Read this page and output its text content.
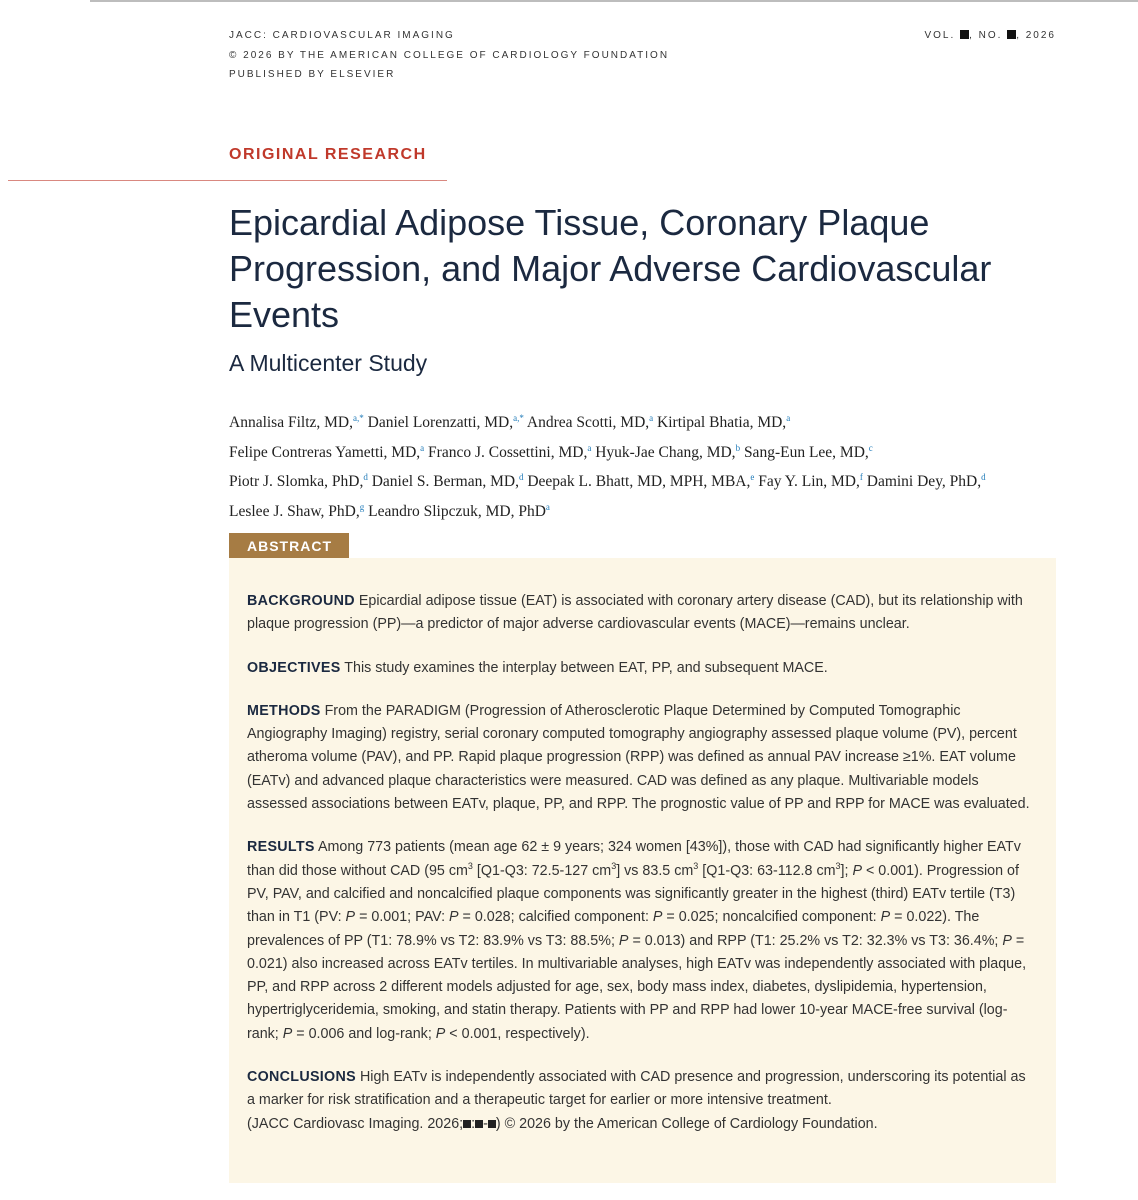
JACC: CARDIOVASCULAR IMAGING
© 2026 BY THE AMERICAN COLLEGE OF CARDIOLOGY FOUNDATION
PUBLISHED BY ELSEVIER
VOL. , NO. , 2026
ORIGINAL RESEARCH
Epicardial Adipose Tissue, Coronary Plaque Progression, and Major Adverse Cardiovascular Events
A Multicenter Study
Annalisa Filtz, MD,$^{a,*}$ Daniel Lorenzatti, MD,$^{a,*}$ Andrea Scotti, MD,$^a$ Kirtipal Bhatia, MD,$^a$
Felipe Contreras Yametti, MD,$^a$ Franco J. Cossettini, MD,$^a$ Hyuk-Jae Chang, MD,$^b$ Sang-Eun Lee, MD,$^c$
Piotr J. Slomka, PhD,$^d$ Daniel S. Berman, MD,$^d$ Deepak L. Bhatt, MD, MPH, MBA,$^e$ Fay Y. Lin, MD,$^f$ Damini Dey, PhD,$^d$
Leslee J. Shaw, PhD,$^g$ Leandro Slipczuk, MD, PhD$^a$
ABSTRACT

BACKGROUND Epicardial adipose tissue (EAT) is associated with coronary artery disease (CAD), but its relationship with plaque progression (PP)—a predictor of major adverse cardiovascular events (MACE)—remains unclear.

OBJECTIVES This study examines the interplay between EAT, PP, and subsequent MACE.

METHODS From the PARADIGM (Progression of Atherosclerotic Plaque Determined by Computed Tomographic Angiography Imaging) registry, serial coronary computed tomography angiography assessed plaque volume (PV), percent atheroma volume (PAV), and PP. Rapid plaque progression (RPP) was defined as annual PAV increase ≥1%. EAT volume (EATv) and advanced plaque characteristics were measured. CAD was defined as any plaque. Multivariable models assessed associations between EATv, plaque, PP, and RPP. The prognostic value of PP and RPP for MACE was evaluated.

RESULTS Among 773 patients (mean age 62 ± 9 years; 324 women [43%]), those with CAD had significantly higher EATv than did those without CAD (95 $cm^3$ [Q1-Q3: 72.5-127 $cm^3$] vs 83.5 $cm^3$ [Q1-Q3: 63-112.8 $cm^3$]; P < 0.001). Progression of PV, PAV, and calcified and noncalcified plaque components was significantly greater in the highest (third) EATv tertile (T3) than in T1 (PV: P = 0.001; PAV: P = 0.028; calcified component: P = 0.025; noncalcified component: P = 0.022). The prevalences of PP (T1: 78.9% vs T2: 83.9% vs T3: 88.5%; P = 0.013) and RPP (T1: 25.2% vs T2: 32.3% vs T3: 36.4%; P = 0.021) also increased across EATv tertiles. In multivariable analyses, high EATv was independently associated with plaque, PP, and RPP across 2 different models adjusted for age, sex, body mass index, diabetes, dyslipidemia, hypertension, hypertriglyceridemia, smoking, and statin therapy. Patients with PP and RPP had lower 10-year MACE-free survival (log-rank; P = 0.006 and log-rank; P < 0.001, respectively).

CONCLUSIONS High EATv is independently associated with CAD presence and progression, underscoring its potential as a marker for risk stratification and a therapeutic target for earlier or more intensive treatment.
(JACC Cardiovasc Imaging. 2026; : - ) © 2026 by the American College of Cardiology Foundation.
